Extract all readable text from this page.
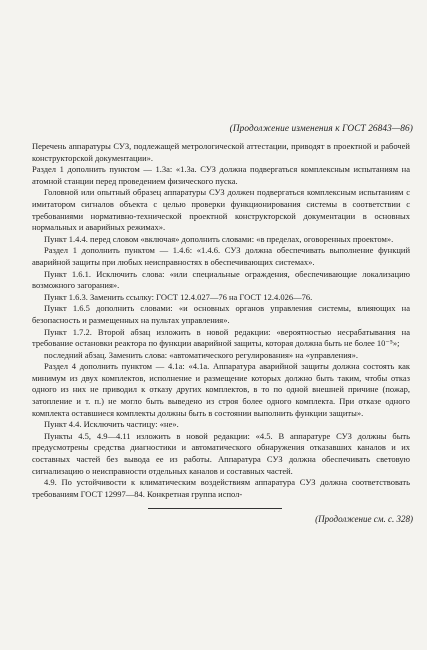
(Продолжение изменения к ГОСТ 26843—86)

Перечень аппаратуры СУЗ, подлежащей метрологической аттестации, приводят в проектной и рабочей конструкторской документации».

Раздел 1 дополнить пунктом — 1.3а: «1.3а. СУЗ должна подвергаться комплексным испытаниям на атомной станции перед проведением физического пуска.

Головной или опытный образец аппаратуры СУЗ должен подвергаться комплексным испытаниям с имитатором сигналов объекта с целью проверки функционирования системы в соответствии с требованиями нормативно-технической проектной конструкторской документации в основных нормальных и аварийных режимах».

Пункт 1.4.4. перед словом «включая» дополнить словами: «в пределах, оговоренных проектом».

Раздел 1 дополнить пунктом — 1.4.6: «1.4.6. СУЗ должна обеспечивать выполнение функций аварийной защиты при любых неисправностях в обеспечивающих системах».

Пункт 1.6.1. Исключить слова: «или специальные ограждения, обеспечивающие локализацию возможного загорания».

Пункт 1.6.3. Заменить ссылку: ГОСТ 12.4.027—76 на ГОСТ 12.4.026—76.

Пункт 1.6.5 дополнить словами: «и основных органов управления системы, влияющих на безопасность и размещенных на пультах управления».

Пункт 1.7.2. Второй абзац изложить в новой редакции: «вероятностью несрабатывания на требование остановки реактора по функции аварийной защиты, которая должна быть не более 10⁻⁵»;

последний абзац. Заменить слова: «автоматического регулирования» на «управления».

Раздел 4 дополнить пунктом — 4.1а: «4.1а. Аппаратура аварийной защиты должна состоять как минимум из двух комплектов, исполнение и размещение которых должно быть таким, чтобы отказ одного из них не приводил к отказу других комплектов, в то по одной внешней причине (пожар, затопление и т. п.) не могло быть выведено из строя более одного комплекта. При отказе одного комплекта оставшиеся комплекты должны быть в состоянии выполнить функции защиты».

Пункт 4.4. Исключить частицу: «не».

Пункты 4.5, 4.9—4.11 изложить в новой редакции: «4.5. В аппаратуре СУЗ должны быть предусмотрены средства диагностики и автоматического обнаружения отказавших каналов и их составных частей без вывода ее из работы. Аппаратура СУЗ должна обеспечивать световую сигнализацию о неисправности отдельных каналов и составных частей.

4.9. По устойчивости к климатическим воздействиям аппаратура СУЗ должна соответствовать требованиям ГОСТ 12997—84. Конкретная группа испол-

(Продолжение см. с. 328)
